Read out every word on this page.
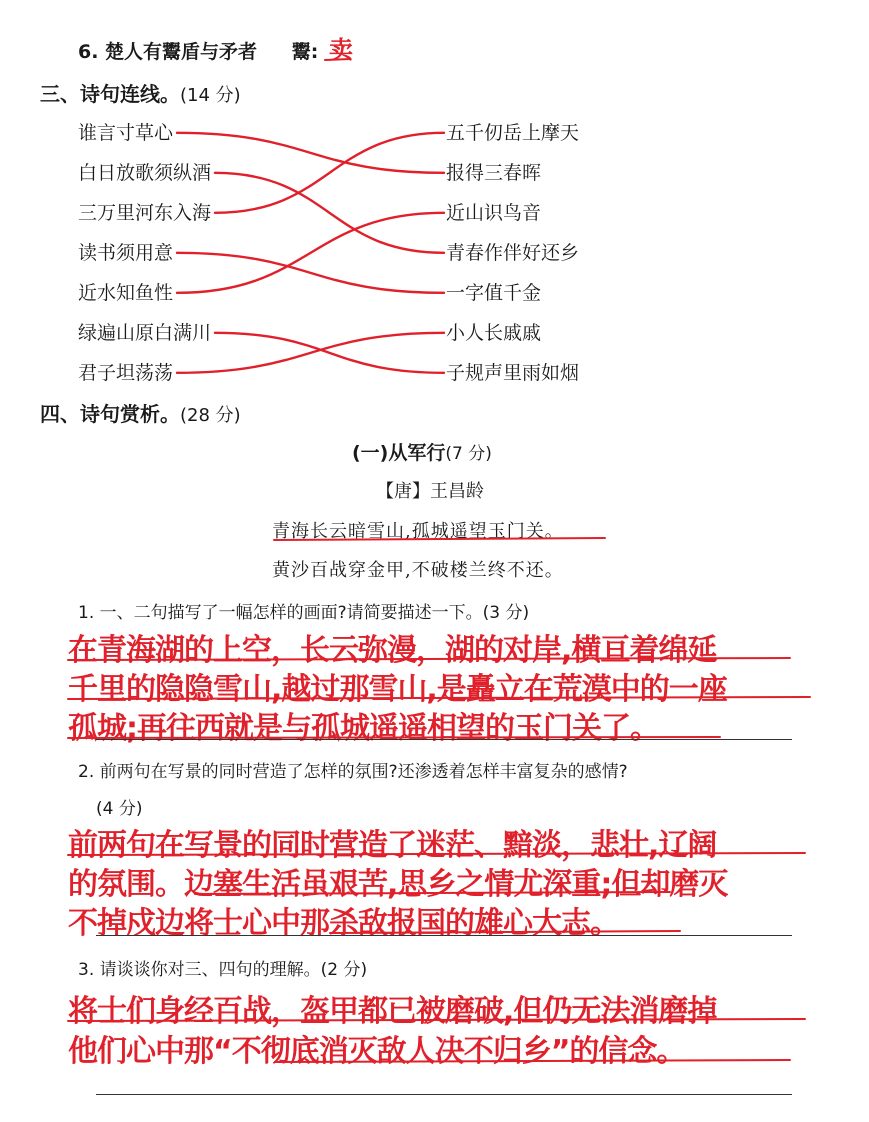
6. 楚人有鬻盾与矛者 鬻: 卖
三、诗句连线。(14 分)
谁言寸草心
白日放歌须纵酒
三万里河东入海
读书须用意
近水知鱼性
绿遍山原白满川
君子坦荡荡
五千仞岳上摩天
报得三春晖
近山识鸟音
青春作伴好还乡
一字值千金
小人长戚戚
子规声里雨如烟
四、诗句赏析。(28 分)
(一)从军行(7 分)
【唐】王昌龄
青海长云暗雪山,孤城遥望玉门关。
黄沙百战穿金甲,不破楼兰终不还。
1. 一、二句描写了一幅怎样的画面?请简要描述一下。(3 分)
在青海湖的上空，长云弥漫，湖的对岸,横亘着绵延
千里的隐隐雪山,越过那雪山,是矗立在荒漠中的一座
孤城;再往西就是与孤城遥遥相望的玉门关了。
2. 前两句在写景的同时营造了怎样的氛围?还渗透着怎样丰富复杂的感情?
(4 分)
前两句在写景的同时营造了迷茫、黯淡，悲壮,辽阔
的氛围。边塞生活虽艰苦,思乡之情尤深重;但却磨灭
不掉戍边将士心中那杀敌报国的雄心大志。
3. 请谈谈你对三、四句的理解。(2 分)
将士们身经百战，盔甲都已被磨破,但仍无法消磨掉
他们心中那“不彻底消灭敌人决不归乡”的信念。
